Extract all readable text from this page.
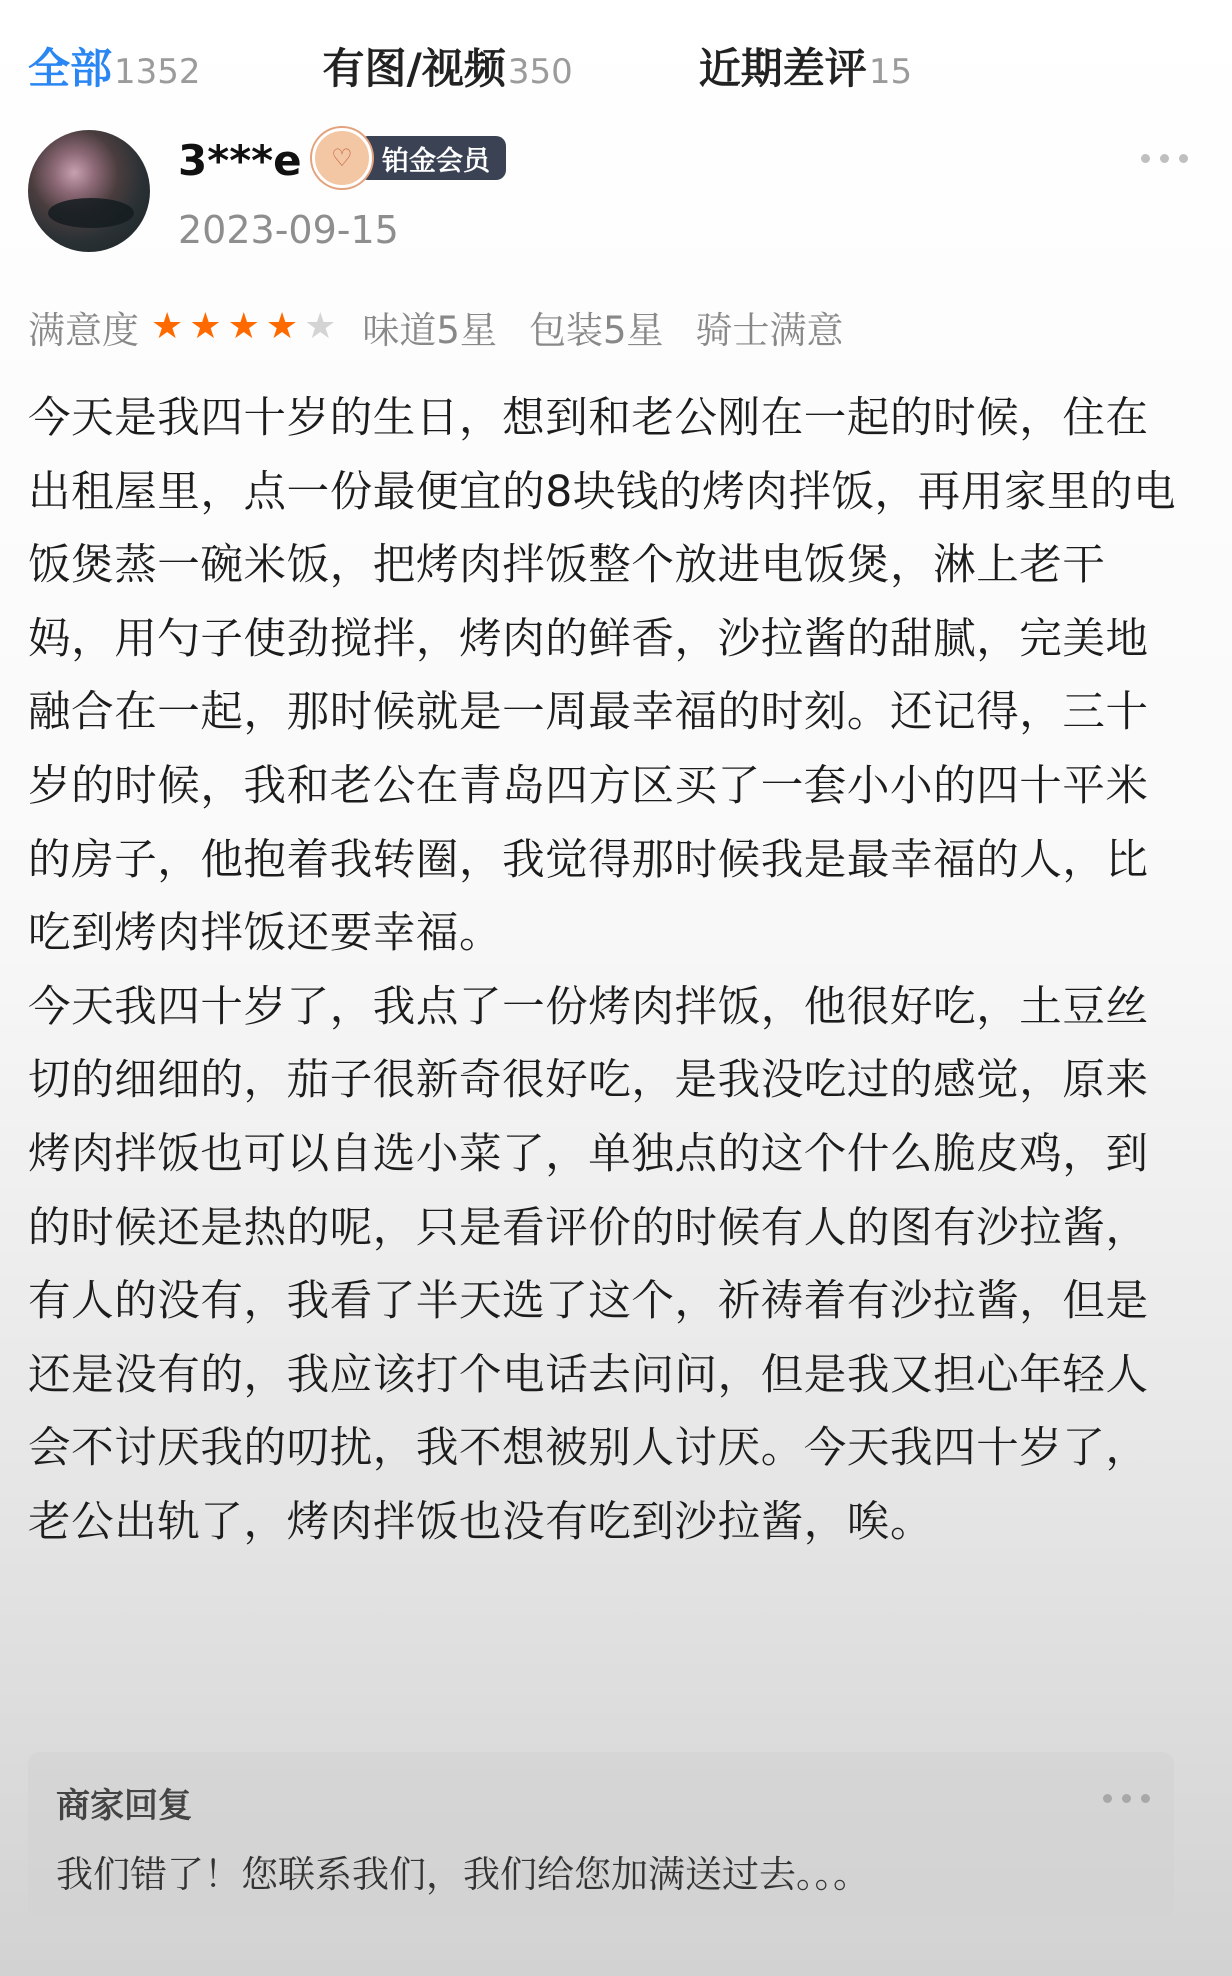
全部 1352	有图/视频 350	近期差评 15
3***e	♡	铂金会员
2023-09-15
满意度 ★ ★ ★ ★ ★ 味道5星 包装5星 骑士满意

今天是我四十岁的生日，想到和老公刚在一起的时候，住在出租屋里，点一份最便宜的8块钱的烤肉拌饭，再用家里的电饭煲蒸一碗米饭，把烤肉拌饭整个放进电饭煲，淋上老干妈，用勺子使劲搅拌，烤肉的鲜香，沙拉酱的甜腻，完美地融合在一起，那时候就是一周最幸福的时刻。还记得，三十岁的时候，我和老公在青岛四方区买了一套小小的四十平米的房子，他抱着我转圈，我觉得那时候我是最幸福的人，比吃到烤肉拌饭还要幸福。

今天我四十岁了，我点了一份烤肉拌饭，他很好吃，土豆丝切的细细的，茄子很新奇很好吃，是我没吃过的感觉，原来烤肉拌饭也可以自选小菜了，单独点的这个什么脆皮鸡，到的时候还是热的呢，只是看评价的时候有人的图有沙拉酱，有人的没有，我看了半天选了这个，祈祷着有沙拉酱，但是还是没有的，我应该打个电话去问问，但是我又担心年轻人会不讨厌我的叨扰，我不想被别人讨厌。今天我四十岁了，老公出轨了，烤肉拌饭也没有吃到沙拉酱，唉。

商家回复
我们错了！您联系我们，我们给您加满送过去。。。
